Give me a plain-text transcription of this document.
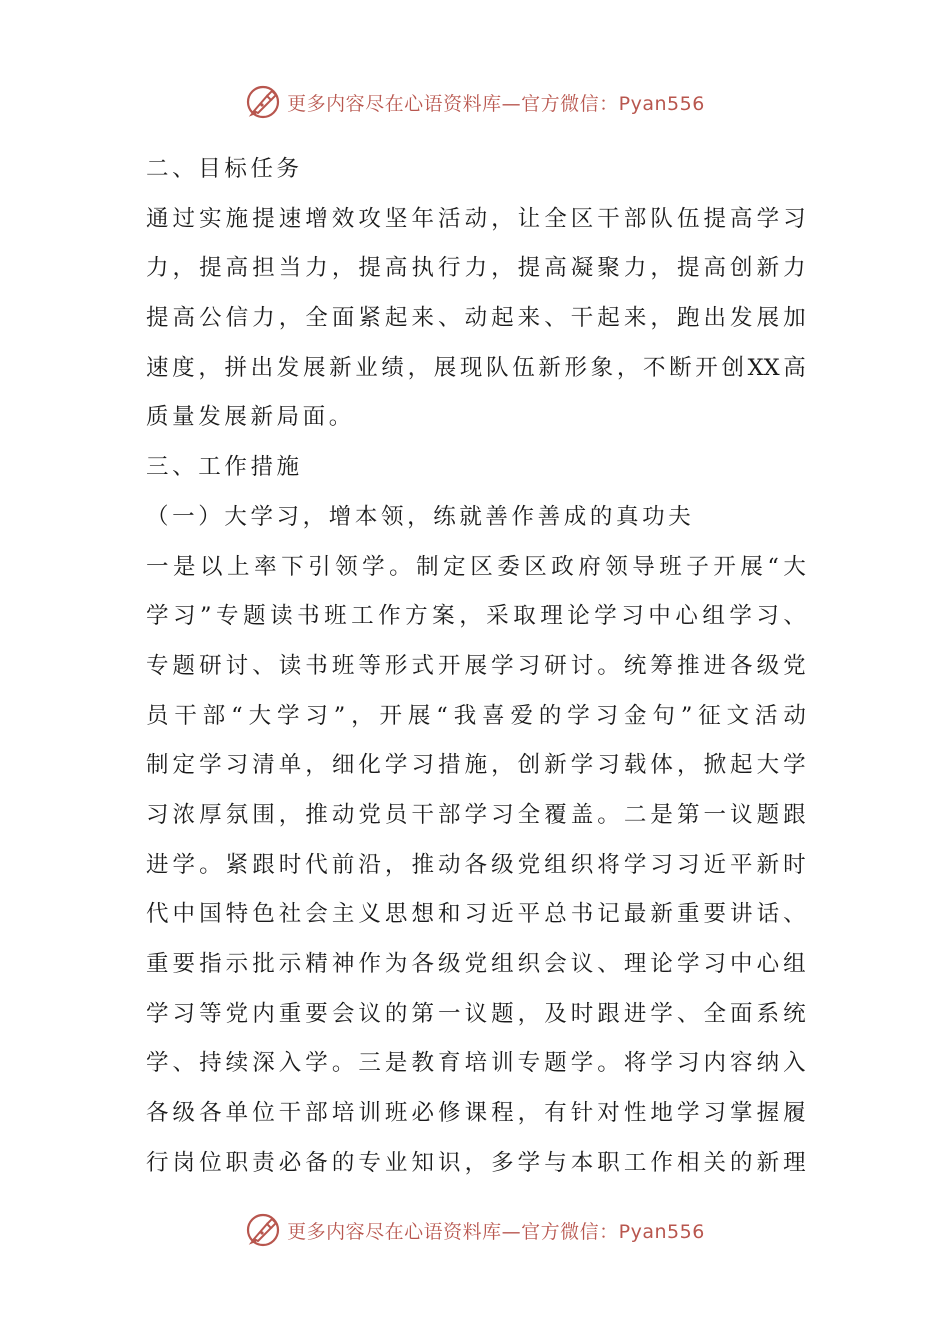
更多内容尽在心语资料库—官方微信：Pyan556
二 、 目 标 任 务
通 过 实 施 提 速 增 效 攻 坚 年 活 动 ， 让 全 区 干 部 队 伍 提 高 学 习
力 ， 提 高 担 当 力 ， 提 高 执 行 力 ， 提 高 凝 聚 力 ， 提 高 创 新 力
提 高 公 信 力 ， 全 面 紧 起 来 、 动 起 来 、 干 起 来 ， 跑 出 发 展 加
速 度 ， 拼 出 发 展 新 业 绩 ， 展 现 队 伍 新 形 象 ， 不 断 开 创 XX 高
质 量 发 展 新 局 面 。
三 、 工 作 措 施
（ 一 ） 大 学 习 ， 增 本 领 ， 练 就 善 作 善 成 的 真 功 夫
一 是 以 上 率 下 引 领 学 。 制 定 区 委 区 政 府 领 导 班 子 开 展 “ 大
学 习 ” 专 题 读 书 班 工 作 方 案 ， 采 取 理 论 学 习 中 心 组 学 习 、
专 题 研 讨 、 读 书 班 等 形 式 开 展 学 习 研 讨 。 统 筹 推 进 各 级 党
员 干 部 “ 大 学 习 ” ， 开 展 “ 我 喜 爱 的 学 习 金 句 ” 征 文 活 动
制 定 学 习 清 单 ， 细 化 学 习 措 施 ， 创 新 学 习 载 体 ， 掀 起 大 学
习 浓 厚 氛 围 ， 推 动 党 员 干 部 学 习 全 覆 盖 。 二 是 第 一 议 题 跟
进 学 。 紧 跟 时 代 前 沿 ， 推 动 各 级 党 组 织 将 学 习 习 近 平 新 时
代 中 国 特 色 社 会 主 义 思 想 和 习 近 平 总 书 记 最 新 重 要 讲 话 、
重 要 指 示 批 示 精 神 作 为 各 级 党 组 织 会 议 、 理 论 学 习 中 心 组
学 习 等 党 内 重 要 会 议 的 第 一 议 题 ， 及 时 跟 进 学 、 全 面 系 统
学 、 持 续 深 入 学 。 三 是 教 育 培 训 专 题 学 。 将 学 习 内 容 纳 入
各 级 各 单 位 干 部 培 训 班 必 修 课 程 ， 有 针 对 性 地 学 习 掌 握 履
行 岗 位 职 责 必 备 的 专 业 知 识 ， 多 学 与 本 职 工 作 相 关 的 新 理
更多内容尽在心语资料库—官方微信：Pyan556
